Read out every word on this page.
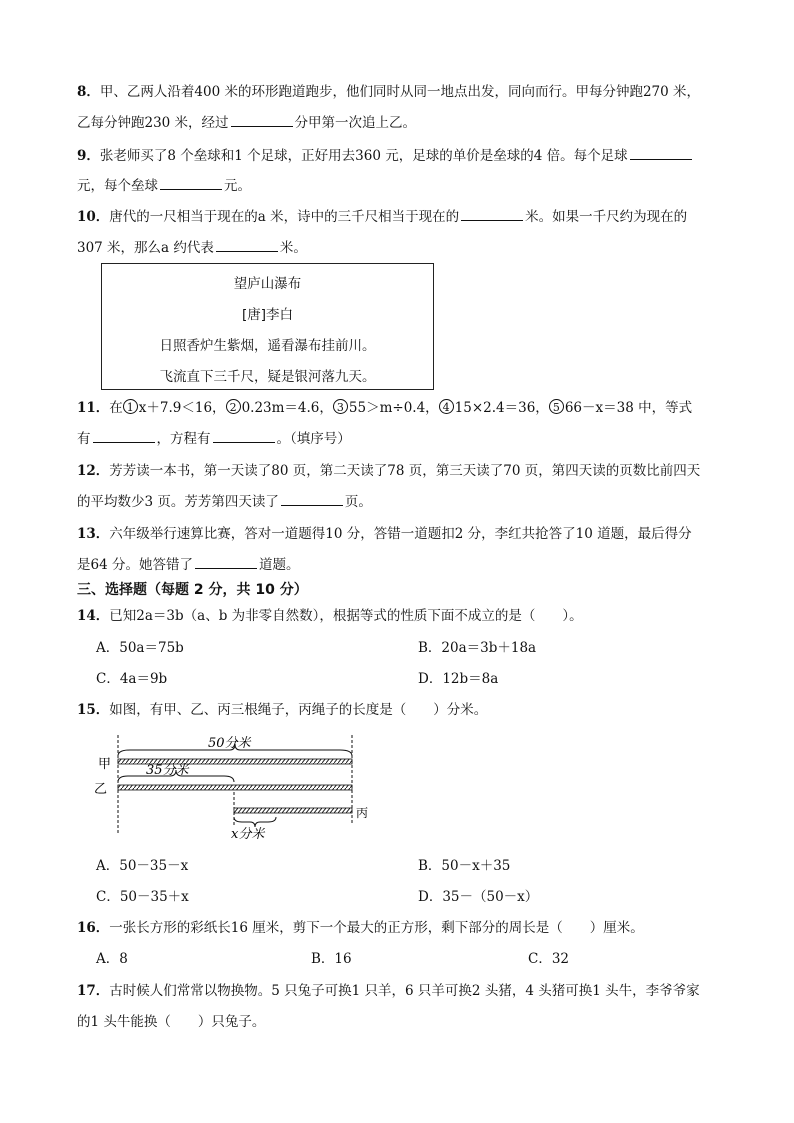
8．甲、乙两人沿着400 米的环形跑道跑步，他们同时从同一地点出发，同向而行。甲每分钟跑270 米，
乙每分钟跑230 米，经过	分甲第一次追上乙。
9．张老师买了8 个垒球和1 个足球，正好用去360 元，足球的单价是垒球的4 倍。每个足球
元，每个垒球	元。
10．唐代的一尺相当于现在的a 米，诗中的三千尺相当于现在的	米。如果一千尺约为现在的
307 米，那么a 约代表	米。
望庐山瀑布
[唐]李白
日照香炉生紫烟，遥看瀑布挂前川。
飞流直下三千尺，疑是银河落九天。
11．在 1 x＋7.9＜16， 2 0.23m＝4.6， 3 55＞m÷0.4， 4 15×2.4＝36， 5 66－x＝38 中，等式
有	，方程有	。（填序号）
12．芳芳读一本书，第一天读了80 页，第二天读了78 页，第三天读了70 页，第四天读的页数比前四天
的平均数少3 页。芳芳第四天读了	页。
13．六年级举行速算比赛，答对一道题得10 分，答错一道题扣2 分，李红共抢答了10 道题，最后得分
是64 分。她答错了	道题。
三、选择题（每题 2 分，共 10 分）
14．已知2a＝3b（a、b 为非零自然数），根据等式的性质下面不成立的是（　　）。
A．50a＝75b	B．20a＝3b＋18a
C．4a＝9b	D．12b＝8a
15．如图，有甲、乙、丙三根绳子，丙绳子的长度是（　　）分米。
50分米
甲	35分米
乙
丙
x分米
A．50－35－x	B．50－x＋35
C．50－35＋x	D．35－（50－x）
16．一张长方形的彩纸长16 厘米，剪下一个最大的正方形，剩下部分的周长是（　　）厘米。
A．8	B．16	C．32
17．古时候人们常常以物换物。5 只兔子可换1 只羊，6 只羊可换2 头猪，4 头猪可换1 头牛，李爷爷家
的1 头牛能换（　　）只兔子。
